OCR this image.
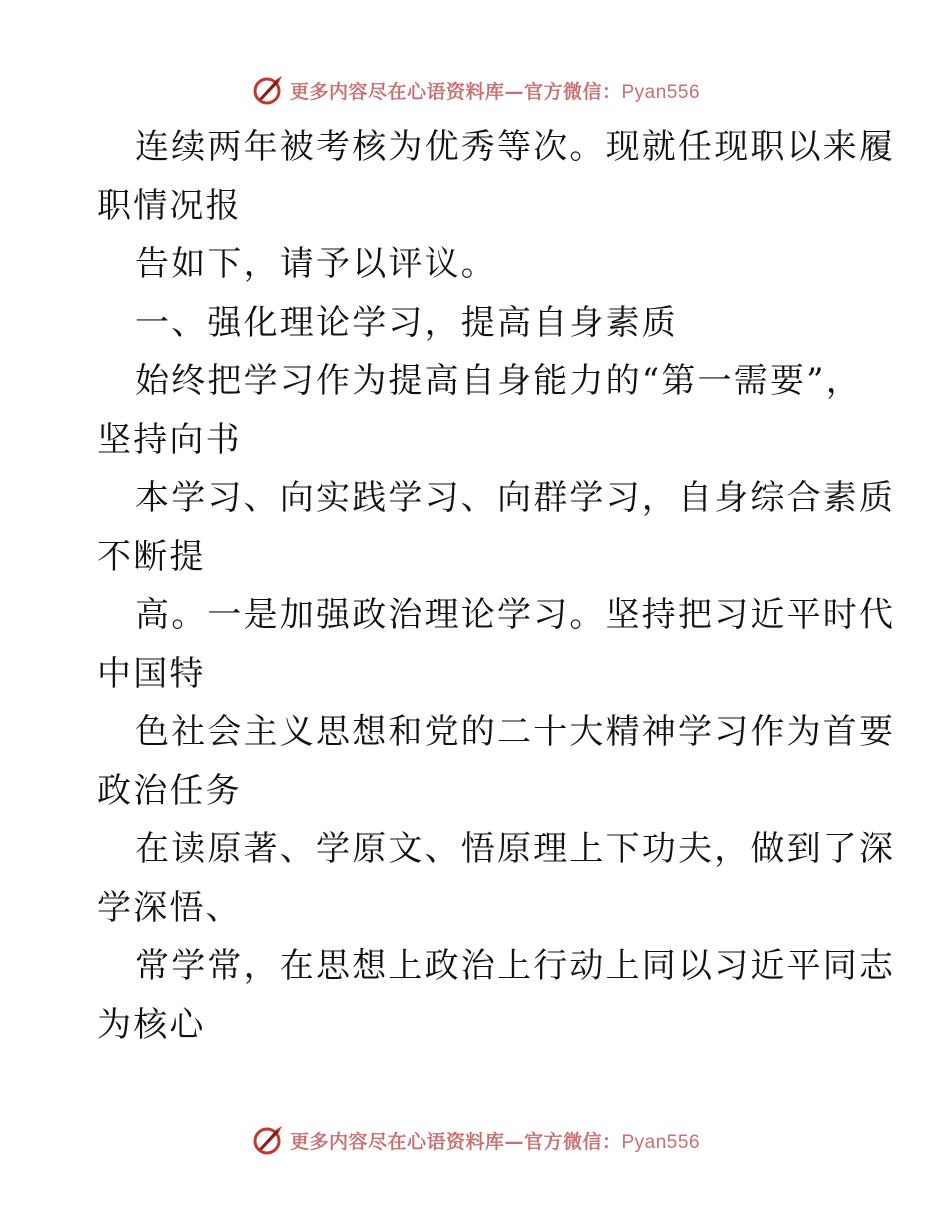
更多内容尽在心语资料库—官方微信：Pyan556
连续两年被考核为优秀等次。现就任现职以来履
职情况报
告如下，请予以评议。
一、强化理论学习，提高自身素质
始终把学习作为提高自身能力的“第一需要”，
坚持向书
本学习、向实践学习、向群学习，自身综合素质
不断提
高。一是加强政治理论学习。坚持把习近平时代
中国特
色社会主义思想和党的二十大精神学习作为首要
政治任务
在读原著、学原文、悟原理上下功夫，做到了深
学深悟、
常学常，在思想上政治上行动上同以习近平同志
为核心
更多内容尽在心语资料库—官方微信：Pyan556
